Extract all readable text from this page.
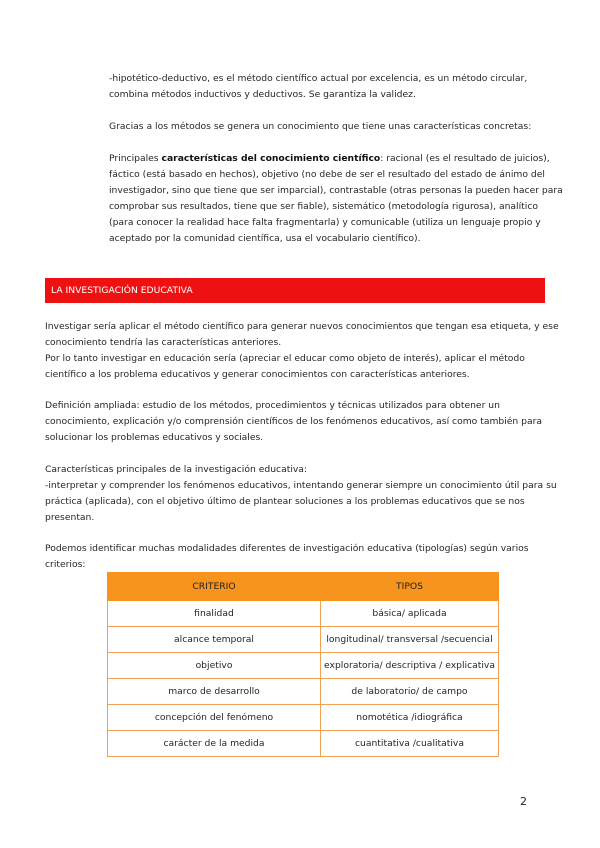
-hipotético-deductivo, es el método científico actual por excelencia, es un método circular, combina métodos inductivos y deductivos. Se garantiza la validez.

Gracias a los métodos se genera un conocimiento que tiene unas características concretas:

Principales características del conocimiento científico: racional (es el resultado de juicios), fáctico (está basado en hechos), objetivo (no debe de ser el resultado del estado de ánimo del investigador, sino que tiene que ser imparcial), contrastable (otras personas la pueden hacer para comprobar sus resultados, tiene que ser fiable), sistemático (metodología rigurosa), analítico (para conocer la realidad hace falta fragmentarla) y comunicable (utiliza un lenguaje propio y aceptado por la comunidad científica, usa el vocabulario científico).

LA INVESTIGACIÓN EDUCATIVA

Investigar sería aplicar el método científico para generar nuevos conocimientos que tengan esa etiqueta, y ese conocimiento tendría las características anteriores.

Por lo tanto investigar en educación sería (apreciar el educar como objeto de interés), aplicar el método científico a los problema educativos y generar conocimientos con características anteriores.

Definición ampliada: estudio de los métodos, procedimientos y técnicas utilizados para obtener un conocimiento, explicación y/o comprensión científicos de los fenómenos educativos, así como también para solucionar los problemas educativos y sociales.

Características principales de la investigación educativa:

-interpretar y comprender los fenómenos educativos, intentando generar siempre un conocimiento útil para su práctica (aplicada), con el objetivo último de plantear soluciones a los problemas educativos que se nos presentan.

Podemos identificar muchas modalidades diferentes de investigación educativa (tipologías) según varios criterios:

CRITERIO	TIPOS
finalidad	básica/ aplicada
alcance temporal	longitudinal/ transversal /secuencial
objetivo	exploratoria/ descriptiva / explicativa
marco de desarrollo	de laboratorio/ de campo
concepción del fenómeno	nomotética /idiográfica
carácter de la medida	cuantitativa /cualitativa
2
